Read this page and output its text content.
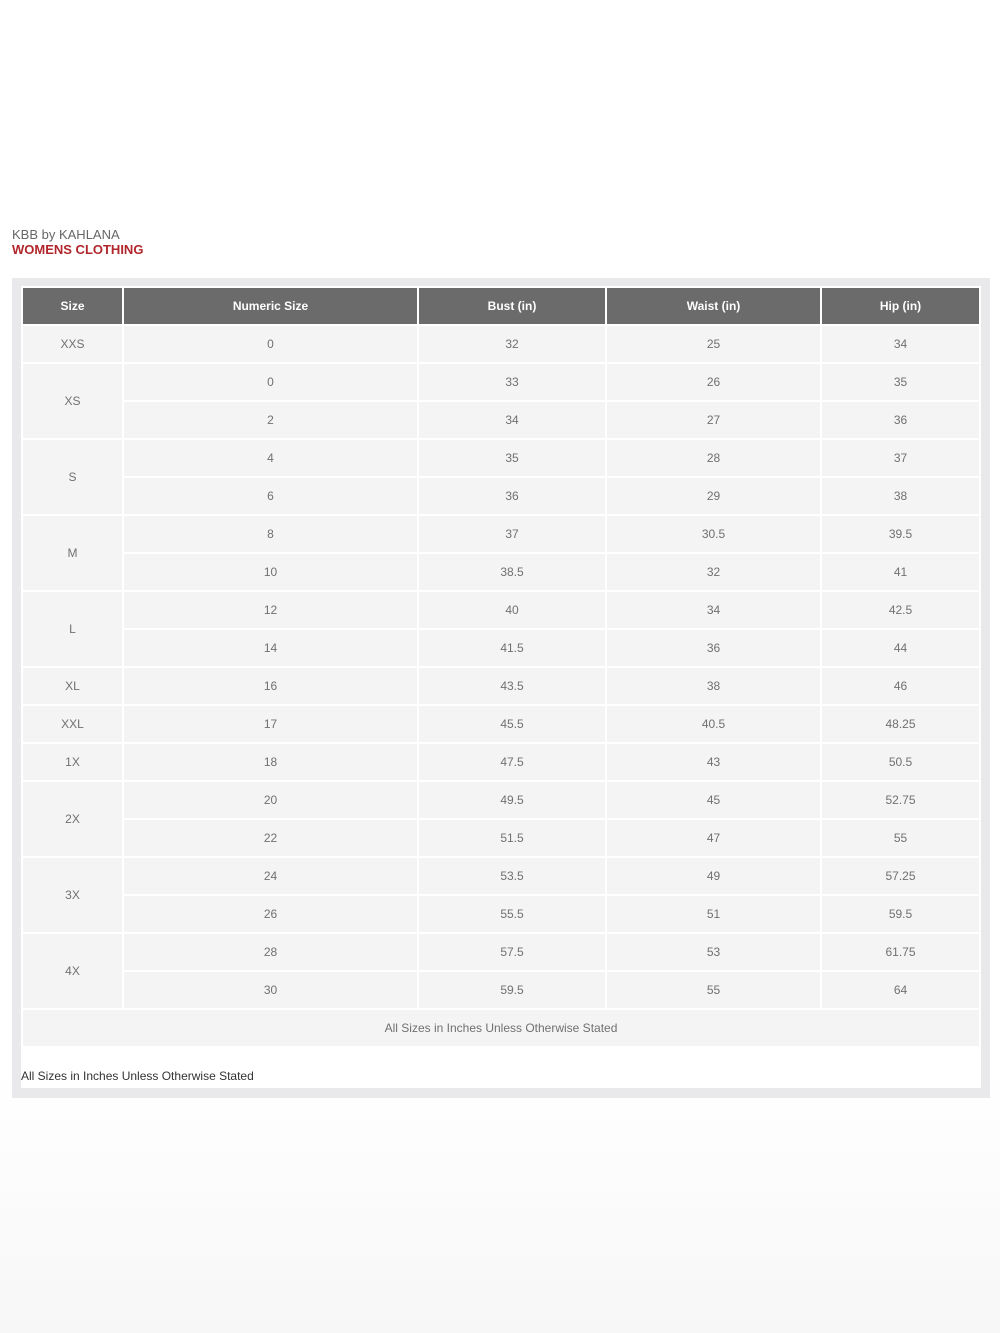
KBB by KAHLANA
WOMENS CLOTHING
Size	Numeric Size	Bust (in)	Waist (in)	Hip (in)
XXS	0	32	25	34
XS	0	33	26	35
	2	34	27	36
S	4	35	28	37
	6	36	29	38
M	8	37	30.5	39.5
	10	38.5	32	41
L	12	40	34	42.5
	14	41.5	36	44
XL	16	43.5	38	46
XXL	17	45.5	40.5	48.25
1X	18	47.5	43	50.5
2X	20	49.5	45	52.75
	22	51.5	47	55
3X	24	53.5	49	57.25
	26	55.5	51	59.5
4X	28	57.5	53	61.75
	30	59.5	55	64
All Sizes in Inches Unless Otherwise Stated				
All Sizes in Inches Unless Otherwise Stated
